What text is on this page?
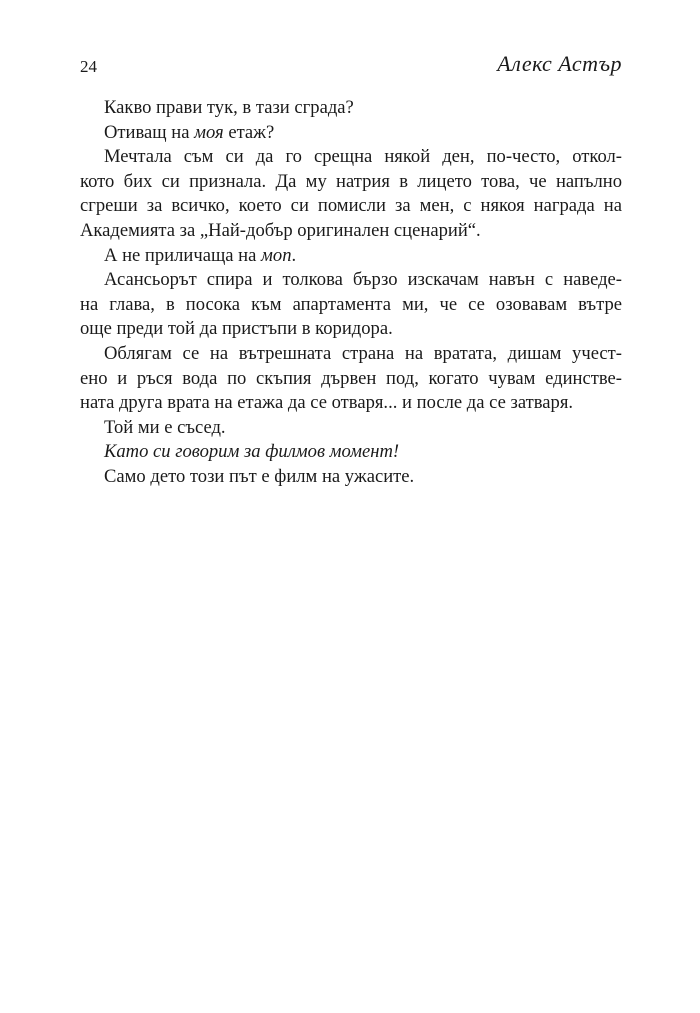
24	Алекс Астър

Какво прави тук, в тази сграда?

Отиващ на моя етаж?

Мечтала съм си да го срещна някой ден, по-често, откол-
кото бих си признала. Да му натрия в лицето това, че напълно
сгреши за всичко, което си помисли за мен, с някоя награда на
Академията за „Най-добър оригинален сценарий“.

А не приличаща на моп.

Асансьорът спира и толкова бързо изскачам навън с наведе-
на глава, в посока към апартамента ми, че се озовавам вътре
още преди той да пристъпи в коридора.

Облягам се на вътрешната страна на вратата, дишам учест-
ено и ръся вода по скъпия дървен под, когато чувам единстве-
ната друга врата на етажа да се отваря... и после да се затваря.

Той ми е съсед.

Като си говорим за филмов момент!

Само дето този път е филм на ужасите.
